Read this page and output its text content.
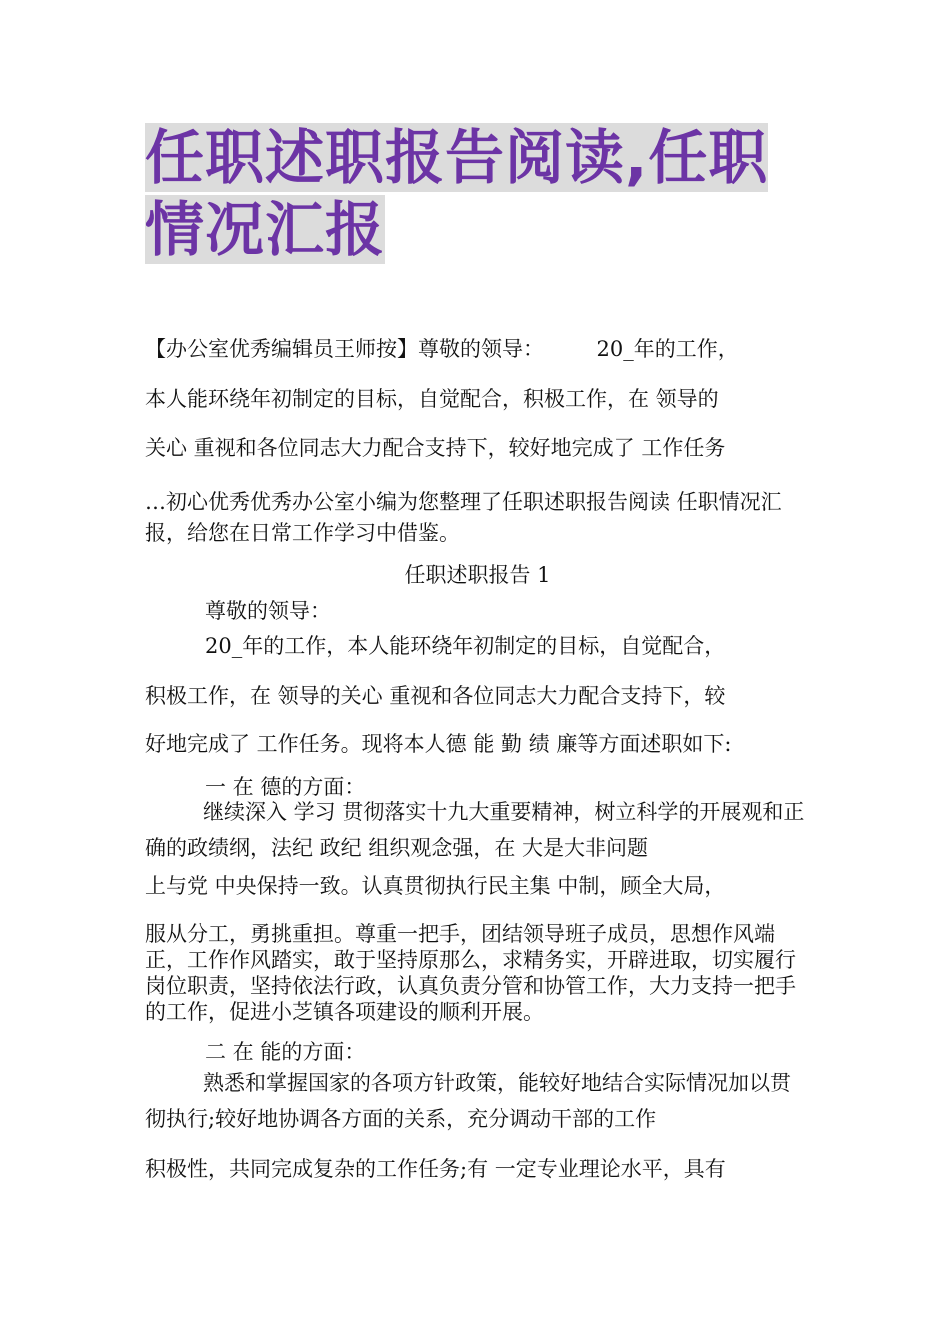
任职述职报告阅读,任职情况汇报

【办公室优秀编辑员王师按】尊敬的领导：　　　20_年的工作，

本人能环绕年初制定的目标，自觉配合，积极工作，在 领导的

关心 重视和各位同志大力配合支持下，较好地完成了 工作任务

…初心优秀优秀办公室小编为您整理了任职述职报告阅读 任职情况汇报，给您在日常工作学习中借鉴。

任职述职报告 1

尊敬的领导：

20_年的工作，本人能环绕年初制定的目标，自觉配合，

积极工作，在 领导的关心 重视和各位同志大力配合支持下，较

好地完成了 工作任务。现将本人德 能 勤 绩 廉等方面述职如下:

一 在 德的方面：

继续深入 学习 贯彻落实十九大重要精神，树立科学的开展观和正确的政绩纲，法纪 政纪 组织观念强，在 大是大非问题

上与党 中央保持一致。认真贯彻执行民主集 中制，顾全大局，

服从分工，勇挑重担。尊重一把手，团结领导班子成员，思想作风端正，工作作风踏实，敢于坚持原那么，求精务实，开辟进取，切实履行岗位职责，坚持依法行政，认真负责分管和协管工作，大力支持一把手的工作，促进小芝镇各项建设的顺利开展。

二 在 能的方面：

熟悉和掌握国家的各项方针政策，能较好地结合实际情况加以贯彻执行;较好地协调各方面的关系，充分调动干部的工作

积极性，共同完成复杂的工作任务;有 一定专业理论水平，具有
